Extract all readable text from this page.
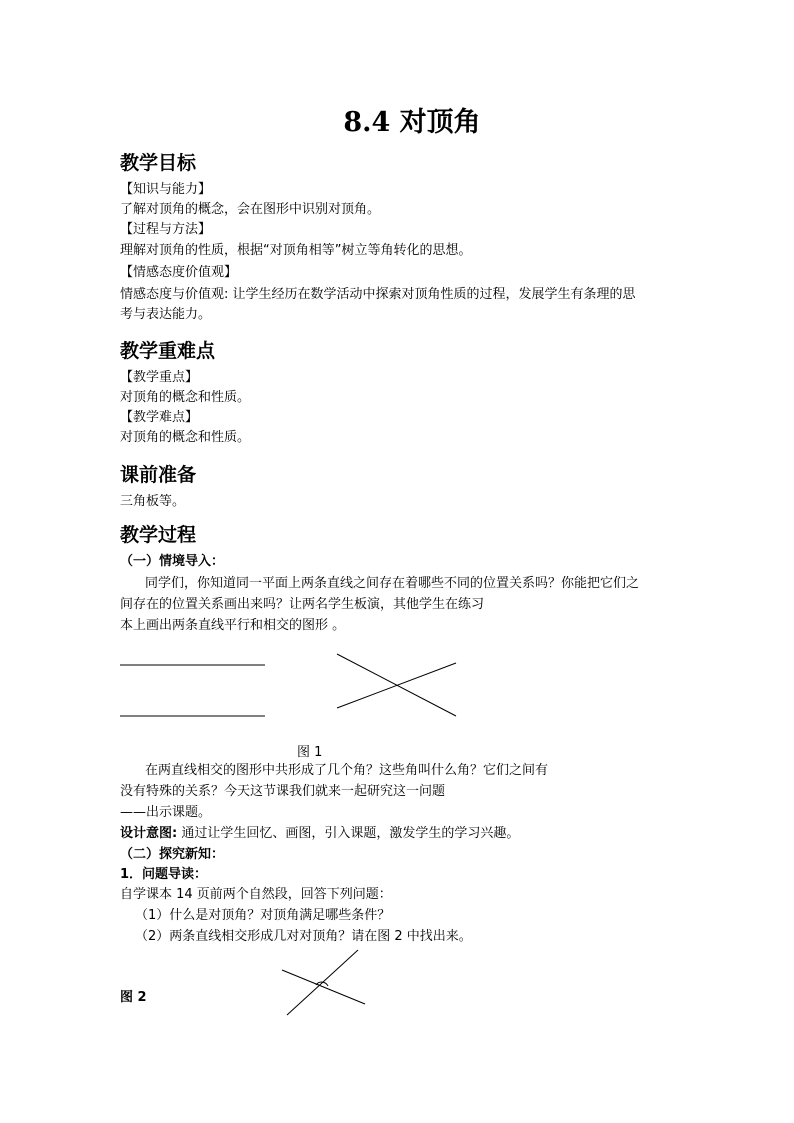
8.4 对顶角
教学目标
【知识与能力】
了解对顶角的概念，会在图形中识别对顶角。
【过程与方法】
理解对顶角的性质，根据“对顶角相等”树立等角转化的思想。
【情感态度价值观】
情感态度与价值观: 让学生经历在数学活动中探索对顶角性质的过程，发展学生有条理的思
考与表达能力。
教学重难点
【教学重点】
对顶角的概念和性质。
【教学难点】
对顶角的概念和性质。
课前准备
三角板等。
教学过程
（一）情境导入：
同学们，你知道同一平面上两条直线之间存在着哪些不同的位置关系吗？你能把它们之
间存在的位置关系画出来吗？让两名学生板演，其他学生在练习
本上画出两条直线平行和相交的图形 。
图 1
在两直线相交的图形中共形成了几个角？这些角叫什么角？它们之间有
没有特殊的关系？今天这节课我们就来一起研究这一问题
——出示课题。
设计意图: 通过让学生回忆、画图，引入课题，激发学生的学习兴趣。
（二）探究新知：
1．问题导读：
自学课本 14 页前两个自然段，回答下列问题：
（1）什么是对顶角？对顶角满足哪些条件？
（2）两条直线相交形成几对对顶角？请在图 2 中找出来。
图 2
